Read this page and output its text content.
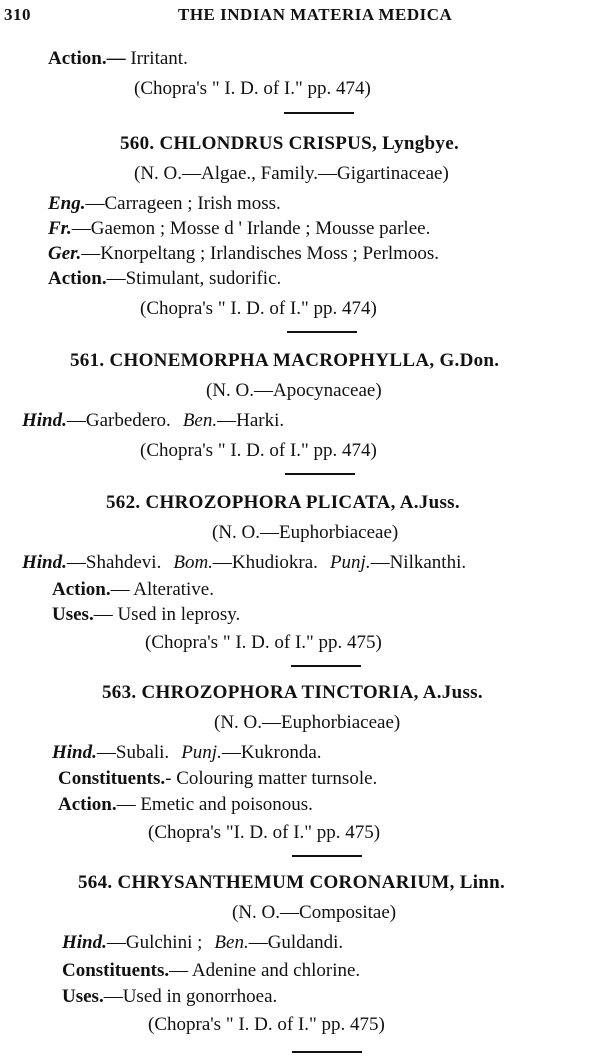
310	THE INDIAN MATERIA MEDICA
Action.— Irritant.
(Chopra's " I. D. of I." pp. 474)
560. CHLONDRUS CRISPUS, Lyngbye.
(N. O.—Algae., Family.—Gigartinaceae)
Eng.—Carrageen ; Irish moss.
Fr.—Gaemon ; Mosse d ' Irlande ; Mousse parlee.
Ger.—Knorpeltang ; Irlandisches Moss ; Perlmoos.
Action.—Stimulant, sudorific.
(Chopra's " I. D. of I." pp. 474)
561. CHONEMORPHA MACROPHYLLA, G.Don.
(N. O.—Apocynaceae)
Hind.—Garbedero. Ben.—Harki.
(Chopra's " I. D. of I." pp. 474)
562. CHROZOPHORA PLICATA, A.Juss.
(N. O.—Euphorbiaceae)
Hind.—Shahdevi. Bom.—Khudiokra. Punj.—Nilkanthi.
Action.— Alterative.
Uses.— Used in leprosy.
(Chopra's " I. D. of I." pp. 475)
563. CHROZOPHORA TINCTORIA, A.Juss.
(N. O.—Euphorbiaceae)
Hind.—Subali. Punj.—Kukronda.
Constituents.- Colouring matter turnsole.
Action.— Emetic and poisonous.
(Chopra's "I. D. of I." pp. 475)
564. CHRYSANTHEMUM CORONARIUM, Linn.
(N. O.—Compositae)
Hind.—Gulchini ; Ben.—Guldandi.
Constituents.— Adenine and chlorine.
Uses.—Used in gonorrhoea.
(Chopra's " I. D. of I." pp. 475)
